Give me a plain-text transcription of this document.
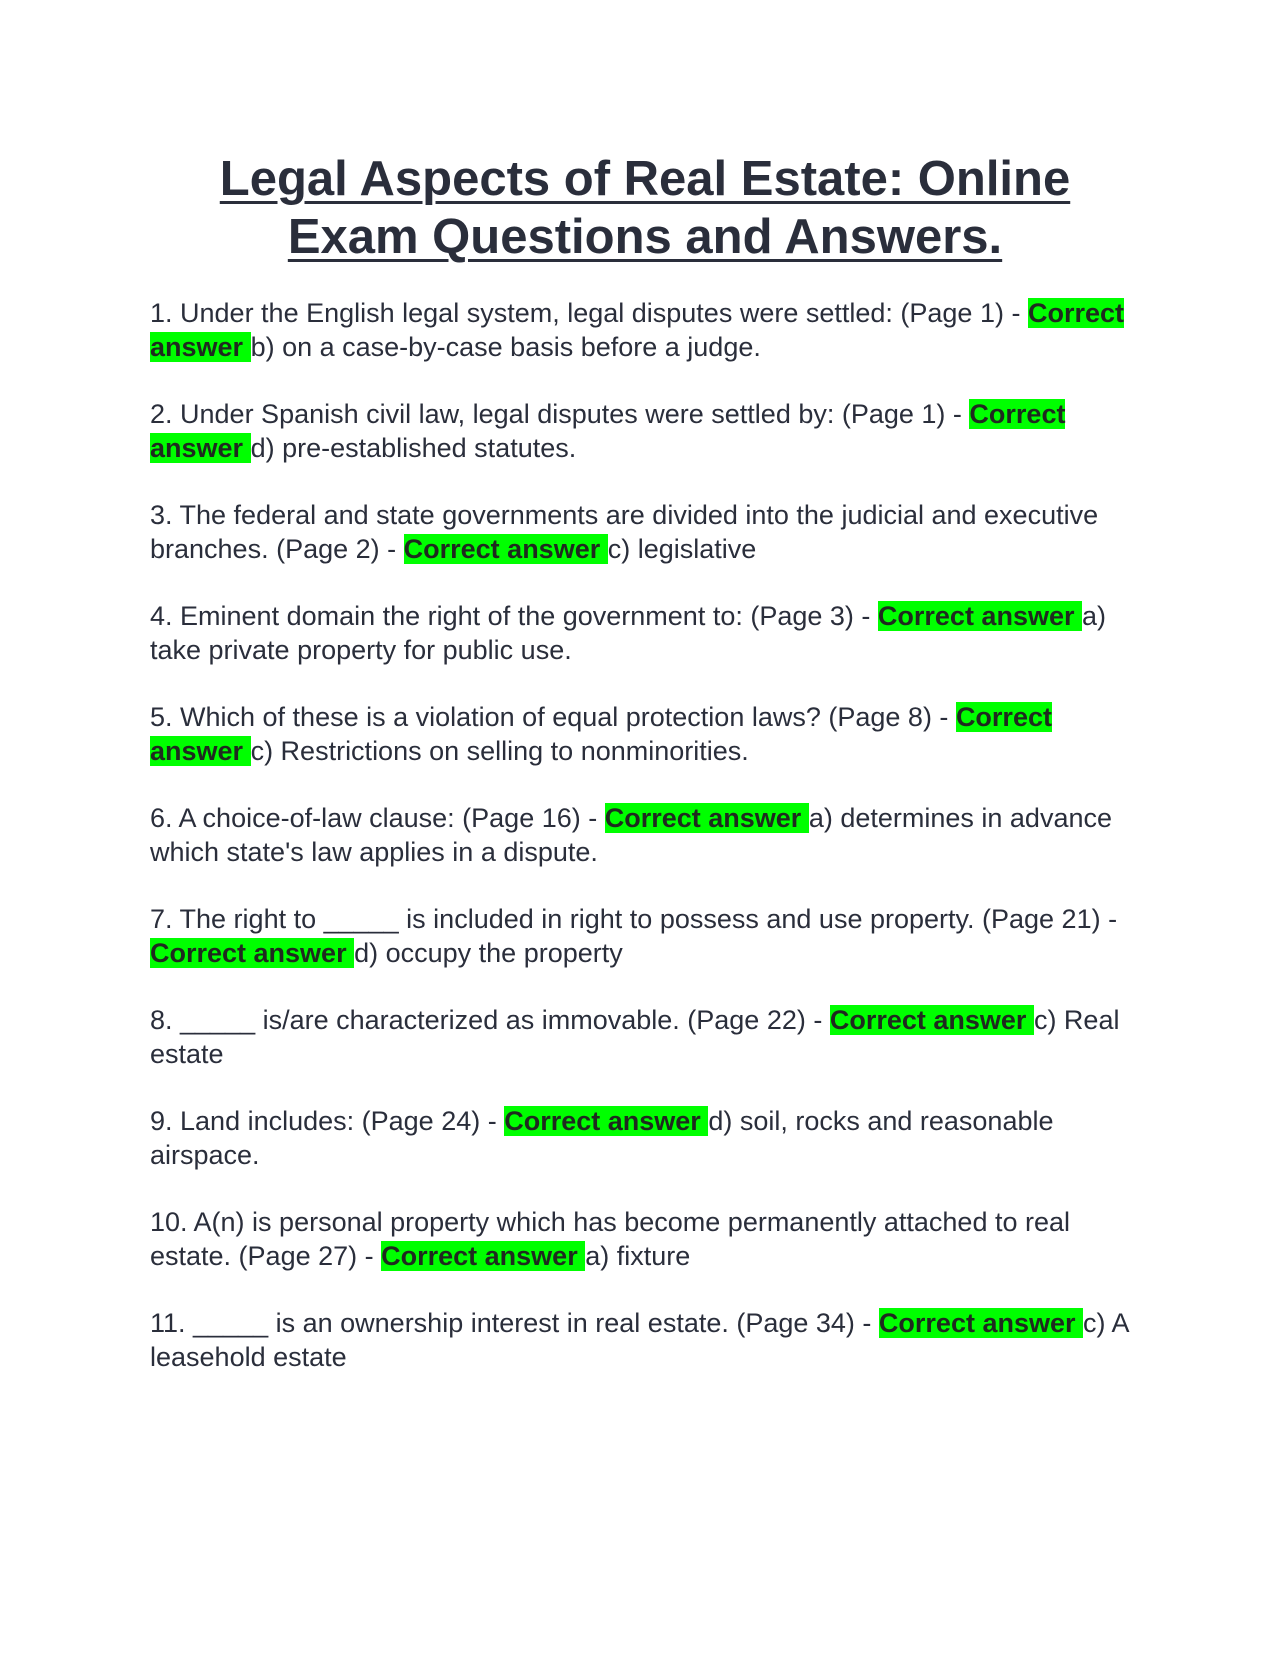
Legal Aspects of Real Estate: Online Exam Questions and Answers.
1. Under the English legal system, legal disputes were settled: (Page 1) - Correct answer b) on a case-by-case basis before a judge.
2. Under Spanish civil law, legal disputes were settled by: (Page 1) - Correct answer d) pre-established statutes.
3. The federal and state governments are divided into the judicial and executive branches. (Page 2) - Correct answer c) legislative
4. Eminent domain the right of the government to: (Page 3) - Correct answer a) take private property for public use.
5. Which of these is a violation of equal protection laws? (Page 8) - Correct answer c) Restrictions on selling to nonminorities.
6. A choice-of-law clause: (Page 16) - Correct answer a) determines in advance which state's law applies in a dispute.
7. The right to _____ is included in right to possess and use property. (Page 21) - Correct answer d) occupy the property
8. _____ is/are characterized as immovable. (Page 22) - Correct answer c) Real estate
9. Land includes: (Page 24) - Correct answer d) soil, rocks and reasonable airspace.
10. A(n) is personal property which has become permanently attached to real estate. (Page 27) - Correct answer a) fixture
11. _____ is an ownership interest in real estate. (Page 34) - Correct answer c) A leasehold estate
